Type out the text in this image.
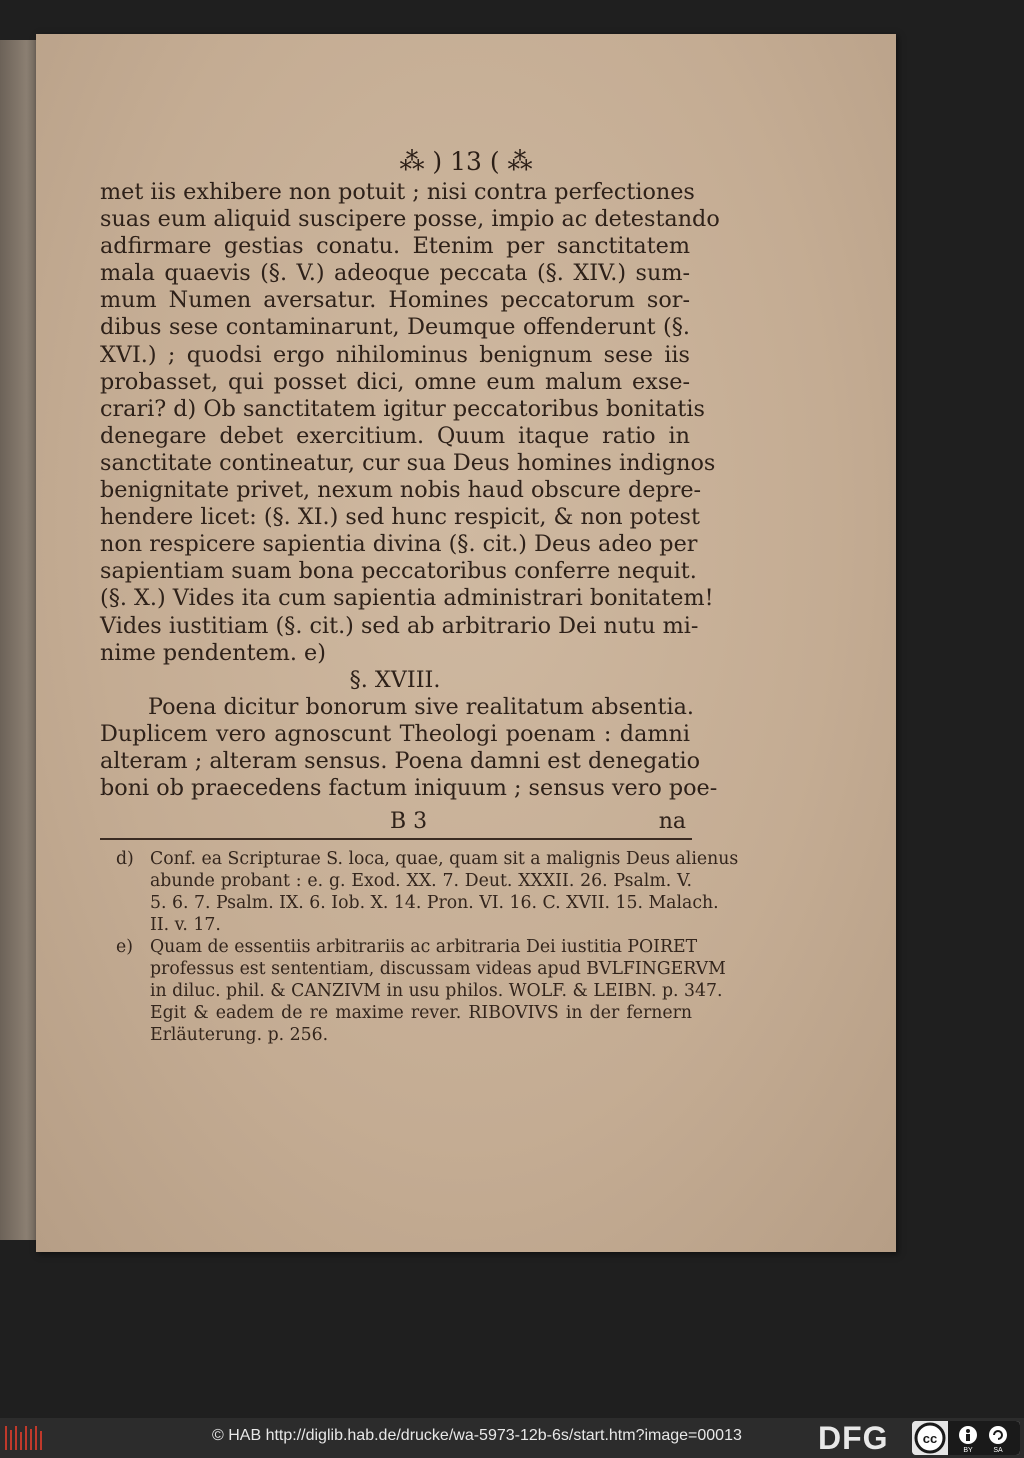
⁂ ) 13 ( ⁂
met iis exhibere non potuit ; nisi contra perfectiones
suas eum aliquid suscipere posse, impio ac detestando
adfirmare gestias conatu. Etenim per sanctitatem
mala quaevis (§. V.) adeoque peccata (§. XIV.) sum-
mum Numen aversatur. Homines peccatorum sor-
dibus sese contaminarunt, Deumque offenderunt (§.
XVI.) ; quodsi ergo nihilominus benignum sese iis
probasset, qui posset dici, omne eum malum exse-
crari? d) Ob sanctitatem igitur peccatoribus bonitatis
denegare debet exercitium. Quum itaque ratio in
sanctitate contineatur, cur sua Deus homines indignos
benignitate privet, nexum nobis haud obscure depre-
hendere licet: (§. XI.) sed hunc respicit, & non potest
non respicere sapientia divina (§. cit.) Deus adeo per
sapientiam suam bona peccatoribus conferre nequit.
(§. X.) Vides ita cum sapientia administrari bonitatem!
Vides iustitiam (§. cit.) sed ab arbitrario Dei nutu mi-
nime pendentem. e)
§. XVIII.
Poena dicitur bonorum sive realitatum absentia.
Duplicem vero agnoscunt Theologi poenam : damni
alteram ; alteram sensus. Poena damni est denegatio
boni ob praecedens factum iniquum ; sensus vero poe-
B 3	na
d) Conf. ea Scripturae S. loca, quae, quam sit a malignis Deus alienus
abunde probant : e. g. Exod. XX. 7. Deut. XXXII. 26. Psalm. V.
5. 6. 7. Psalm. IX. 6. Iob. X. 14. Pron. VI. 16. C. XVII. 15. Malach.
II. v. 17.
e) Quam de essentiis arbitrariis ac arbitraria Dei iustitia POIRET
professus est sententiam, discussam videas apud BVLFINGERVM
in diluc. phil. & CANZIVM in usu philos. WOLF. & LEIBN. p. 347.
Egit & eadem de re maxime rever. RIBOVIVS in der fernern
Erläuterung. p. 256.
© HAB http://diglib.hab.de/drucke/wa-5973-12b-6s/start.htm?image=00013 DFG	cc
BY	SA
